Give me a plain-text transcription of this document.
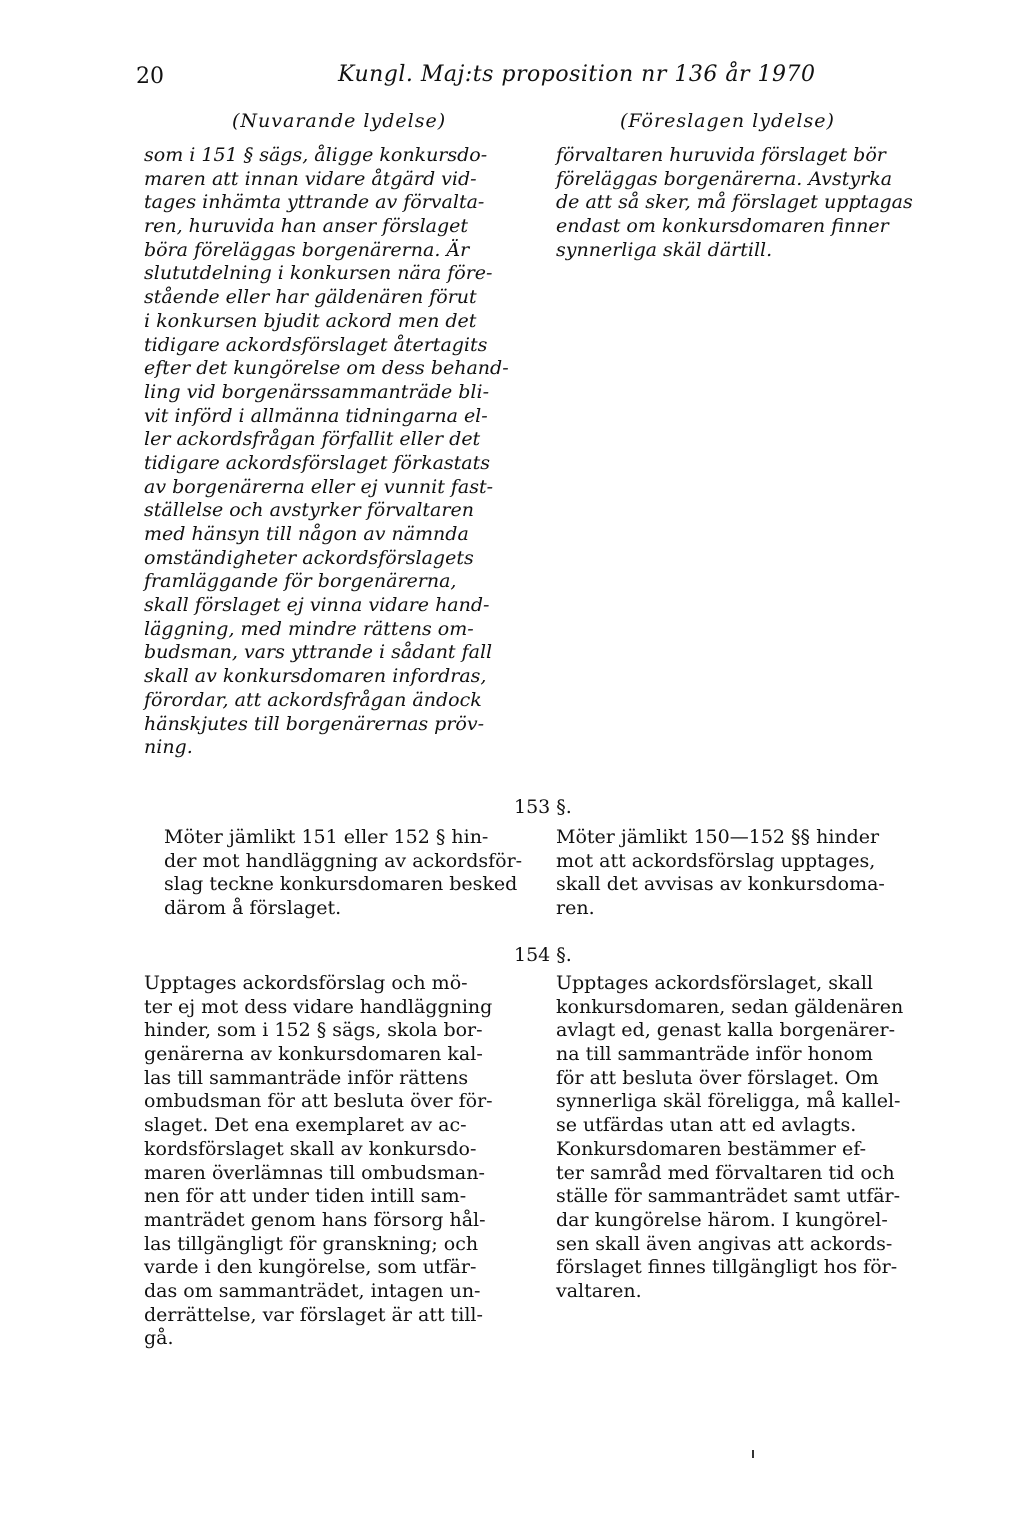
20	Kungl. Maj:ts proposition nr 136 år 1970
(Nuvarande lydelse)	(Föreslagen lydelse)
som i 151 § sägs, åligge konkursdo-
maren att innan vidare åtgärd vid-
tages inhämta yttrande av förvalta-
ren, huruvida han anser förslaget
böra föreläggas borgenärerna. Är
slututdelning i konkursen nära före-
stående eller har gäldenären förut
i konkursen bjudit ackord men det
tidigare ackordsförslaget återtagits
efter det kungörelse om dess behand-
ling vid borgenärssammanträde bli-
vit införd i allmänna tidningarna el-
ler ackordsfrågan förfallit eller det
tidigare ackordsförslaget förkastats
av borgenärerna eller ej vunnit fast-
ställelse och avstyrker förvaltaren
med hänsyn till någon av nämnda
omständigheter ackordsförslagets
framläggande för borgenärerna,
skall förslaget ej vinna vidare hand-
läggning, med mindre rättens om-
budsman, vars yttrande i sådant fall
skall av konkursdomaren infordras,
förordar, att ackordsfrågan ändock
hänskjutes till borgenärernas pröv-
ning.
förvaltaren huruvida förslaget bör
föreläggas borgenärerna. Avstyrka
de att så sker, må förslaget upptagas
endast om konkursdomaren finner
synnerliga skäl därtill.
153 §.
Möter jämlikt 151 eller 152 § hin-
der mot handläggning av ackordsför-
slag teckne konkursdomaren besked
därom å förslaget.
Möter jämlikt 150—152 §§ hinder
mot att ackordsförslag upptages,
skall det avvisas av konkursdoma-
ren.
154 §.
Upptages ackordsförslag och mö-
ter ej mot dess vidare handläggning
hinder, som i 152 § sägs, skola bor-
genärerna av konkursdomaren kal-
las till sammanträde inför rättens
ombudsman för att besluta över för-
slaget. Det ena exemplaret av ac-
kordsförslaget skall av konkursdo-
maren överlämnas till ombudsman-
nen för att under tiden intill sam-
manträdet genom hans försorg hål-
las tillgängligt för granskning; och
varde i den kungörelse, som utfär-
das om sammanträdet, intagen un-
derrättelse, var förslaget är att till-
gå.
Upptages ackordsförslaget, skall
konkursdomaren, sedan gäldenären
avlagt ed, genast kalla borgenärer-
na till sammanträde inför honom
för att besluta över förslaget. Om
synnerliga skäl föreligga, må kallel-
se utfärdas utan att ed avlagts.
Konkursdomaren bestämmer ef-
ter samråd med förvaltaren tid och
ställe för sammanträdet samt utfär-
dar kungörelse härom. I kungörel-
sen skall även angivas att ackords-
förslaget finnes tillgängligt hos för-
valtaren.
